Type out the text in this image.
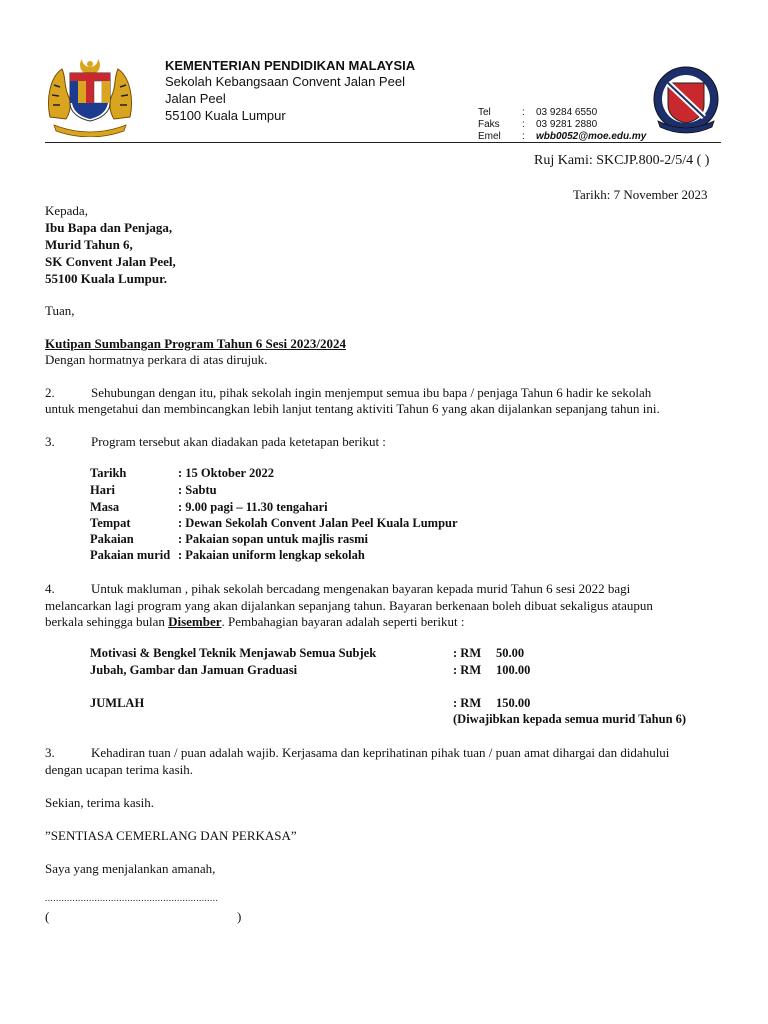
KEMENTERIAN PENDIDIKAN MALAYSIA
Sekolah Kebangsaan Convent Jalan Peel
Jalan Peel
55100 Kuala Lumpur	Tel	: 03 9284 6550
Faks : 03 9281 2880
Emel : wbb0052@moe.edu.my
Ruj Kami: SKCJP.800-2/5/4 ( )
Tarikh: 7 November 2023
Kepada,
Ibu Bapa dan Penjaga,
Murid Tahun 6,
SK Convent Jalan Peel,
55100 Kuala Lumpur.
Tuan,
Kutipan Sumbangan Program Tahun 6 Sesi 2023/2024
Dengan hormatnya perkara di atas dirujuk.
2.	Sehubungan dengan itu, pihak sekolah ingin menjemput semua ibu bapa / penjaga Tahun 6 hadir ke sekolah
untuk mengetahui dan membincangkan lebih lanjut tentang aktiviti Tahun 6 yang akan dijalankan sepanjang tahun ini.
3.	Program tersebut akan diadakan pada ketetapan berikut :
Tarikh	: 15 Oktober 2022
Hari	: Sabtu
Masa	: 9.00 pagi – 11.30 tengahari
Tempat	: Dewan Sekolah Convent Jalan Peel Kuala Lumpur
Pakaian	: Pakaian sopan untuk majlis rasmi
Pakaian murid : Pakaian uniform lengkap sekolah
4.	Untuk makluman , pihak sekolah bercadang mengenakan bayaran kepada murid Tahun 6 sesi 2022 bagi
melancarkan lagi program yang akan dijalankan sepanjang tahun. Bayaran berkenaan boleh dibuat sekaligus ataupun
berkala sehingga bulan Disember. Pembahagian bayaran adalah seperti berikut :
Motivasi & Bengkel Teknik Menjawab Semua Subjek	: RM 50.00
Jubah, Gambar dan Jamuan Graduasi	: RM 100.00
JUMLAH	: RM 150.00
(Diwajibkan kepada semua murid Tahun 6)
3.	Kehadiran tuan / puan adalah wajib. Kerjasama dan keprihatinan pihak tuan / puan amat dihargai dan didahului
dengan ucapan terima kasih.
Sekian, terima kasih.
”SENTIASA CEMERLANG DAN PERKASA”
Saya yang menjalankan amanah,
...............................................................
(	)
